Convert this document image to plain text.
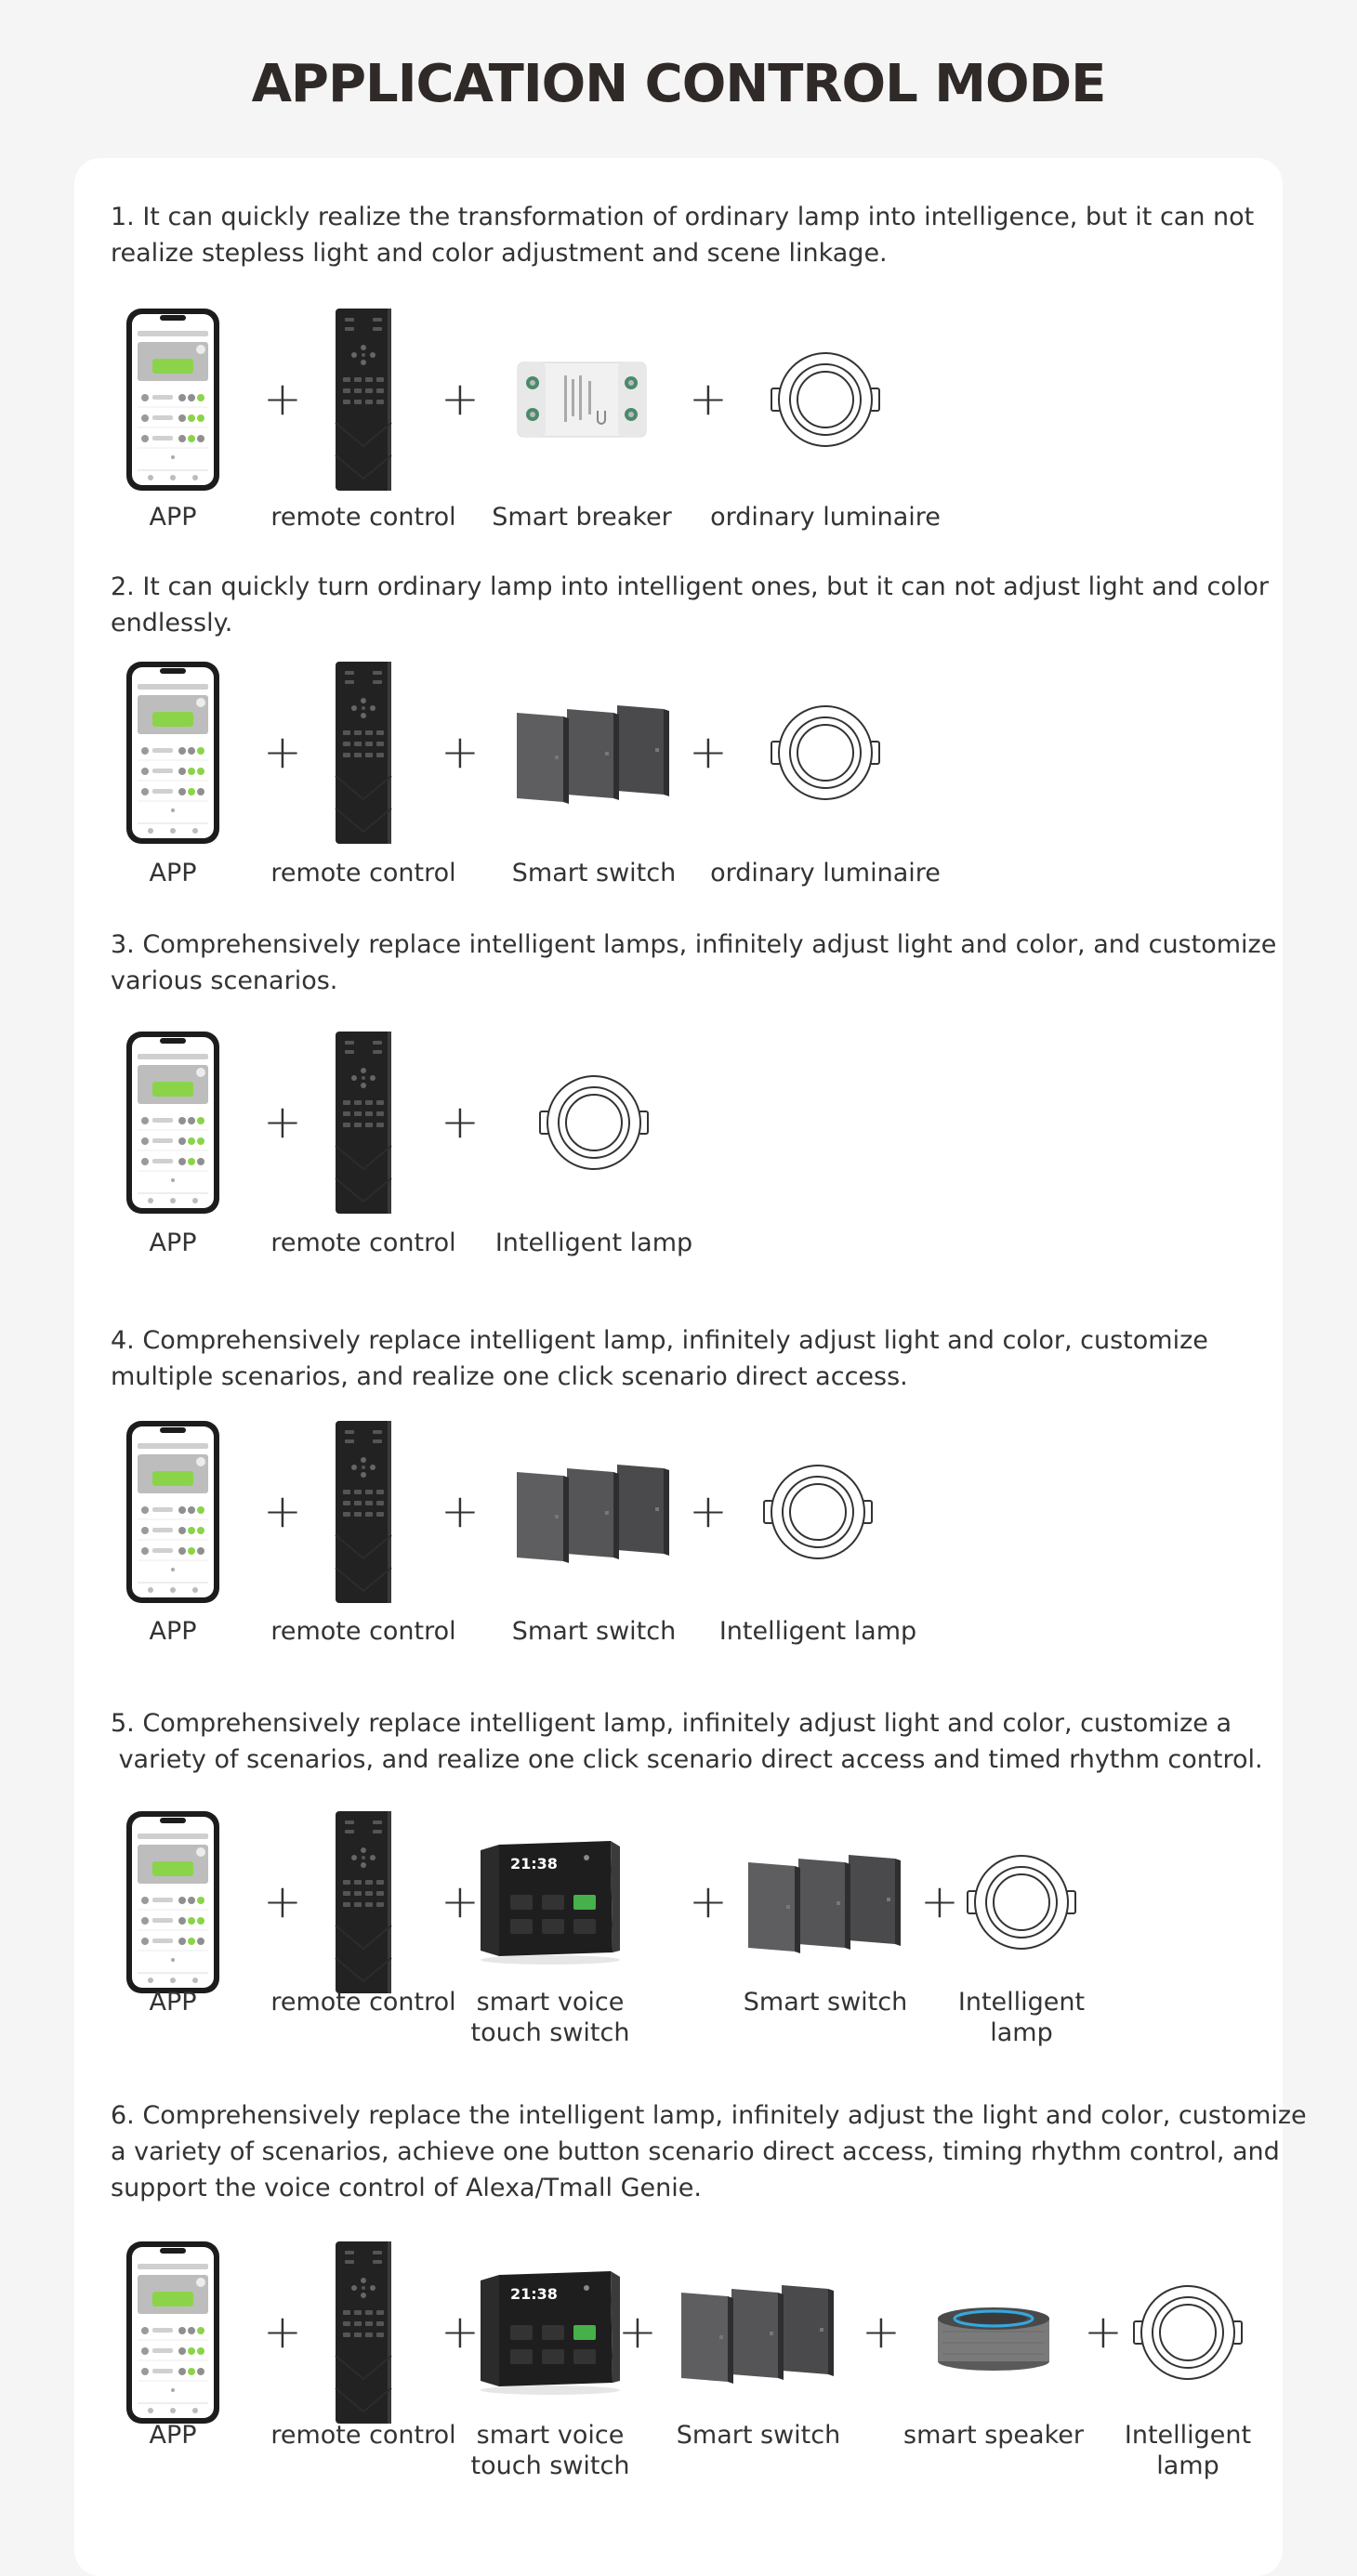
APPLICATION CONTROL MODE

1. It can quickly realize the transformation of ordinary lamp into intelligence, but it can not
realize stepless light and color adjustment and scene linkage.

APP	remote control	Smart breaker	ordinary luminaire
+	+	+

2. It can quickly turn ordinary lamp into intelligent ones, but it can not adjust light and color
endlessly.

APP	remote control	Smart switch	ordinary luminaire
+	+	+

3. Comprehensively replace intelligent lamps, infinitely adjust light and color, and customize
various scenarios.

APP	remote control	Intelligent lamp
+	+

4. Comprehensively replace intelligent lamp, infinitely adjust light and color, customize
multiple scenarios, and realize one click scenario direct access.

APP	remote control	Smart switch	Intelligent lamp
+	+	+

5. Comprehensively replace intelligent lamp, infinitely adjust light and color, customize a
variety of scenarios, and realize one click scenario direct access and timed rhythm control.

APP	remote control
21:38
smart voice
touch switch
Smart switch	Intelligent
lamp
+	+	+	+

6. Comprehensively replace the intelligent lamp, infinitely adjust the light and color, customize
a variety of scenarios, achieve one button scenario direct access, timing rhythm control, and
support the voice control of Alexa/Tmall Genie.

APP	remote control
21:38
smart voice
touch switch
Smart switch	smart speaker	Intelligent
lamp
+	+	+	+	+
